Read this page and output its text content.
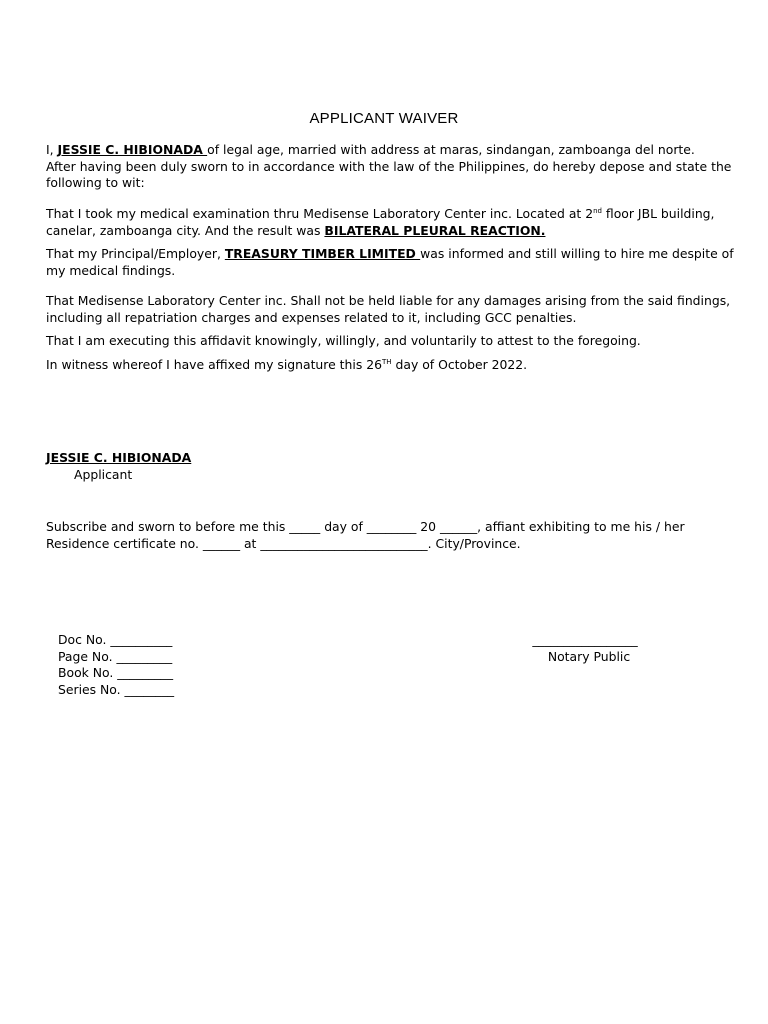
APPLICANT WAIVER
I, JESSIE C. HIBIONADA of legal age, married with address at maras, sindangan, zamboanga del norte.
After having been duly sworn to in accordance with the law of the Philippines, do hereby depose and state the following to wit:
That I took my medical examination thru Medisense Laboratory Center inc. Located at 2nd floor JBL building, canelar, zamboanga city. And the result was BILATERAL PLEURAL REACTION.
That my Principal/Employer, TREASURY TIMBER LIMITED was informed and still willing to hire me despite of my medical findings.
That Medisense Laboratory Center inc. Shall not be held liable for any damages arising from the said findings, including all repatriation charges and expenses related to it, including GCC penalties.
That I am executing this affidavit knowingly, willingly, and voluntarily to attest to the foregoing.
In witness whereof I have affixed my signature this 26TH day of October 2022.
JESSIE C. HIBIONADA
Applicant
Subscribe and sworn to before me this _____ day of ________ 20 ______, affiant exhibiting to me his / her
Residence certificate no. ______ at ___________________________. City/Province.
Doc No. __________
Page No. _________
Book No. _________
Series No. ________
_________________
Notary Public
